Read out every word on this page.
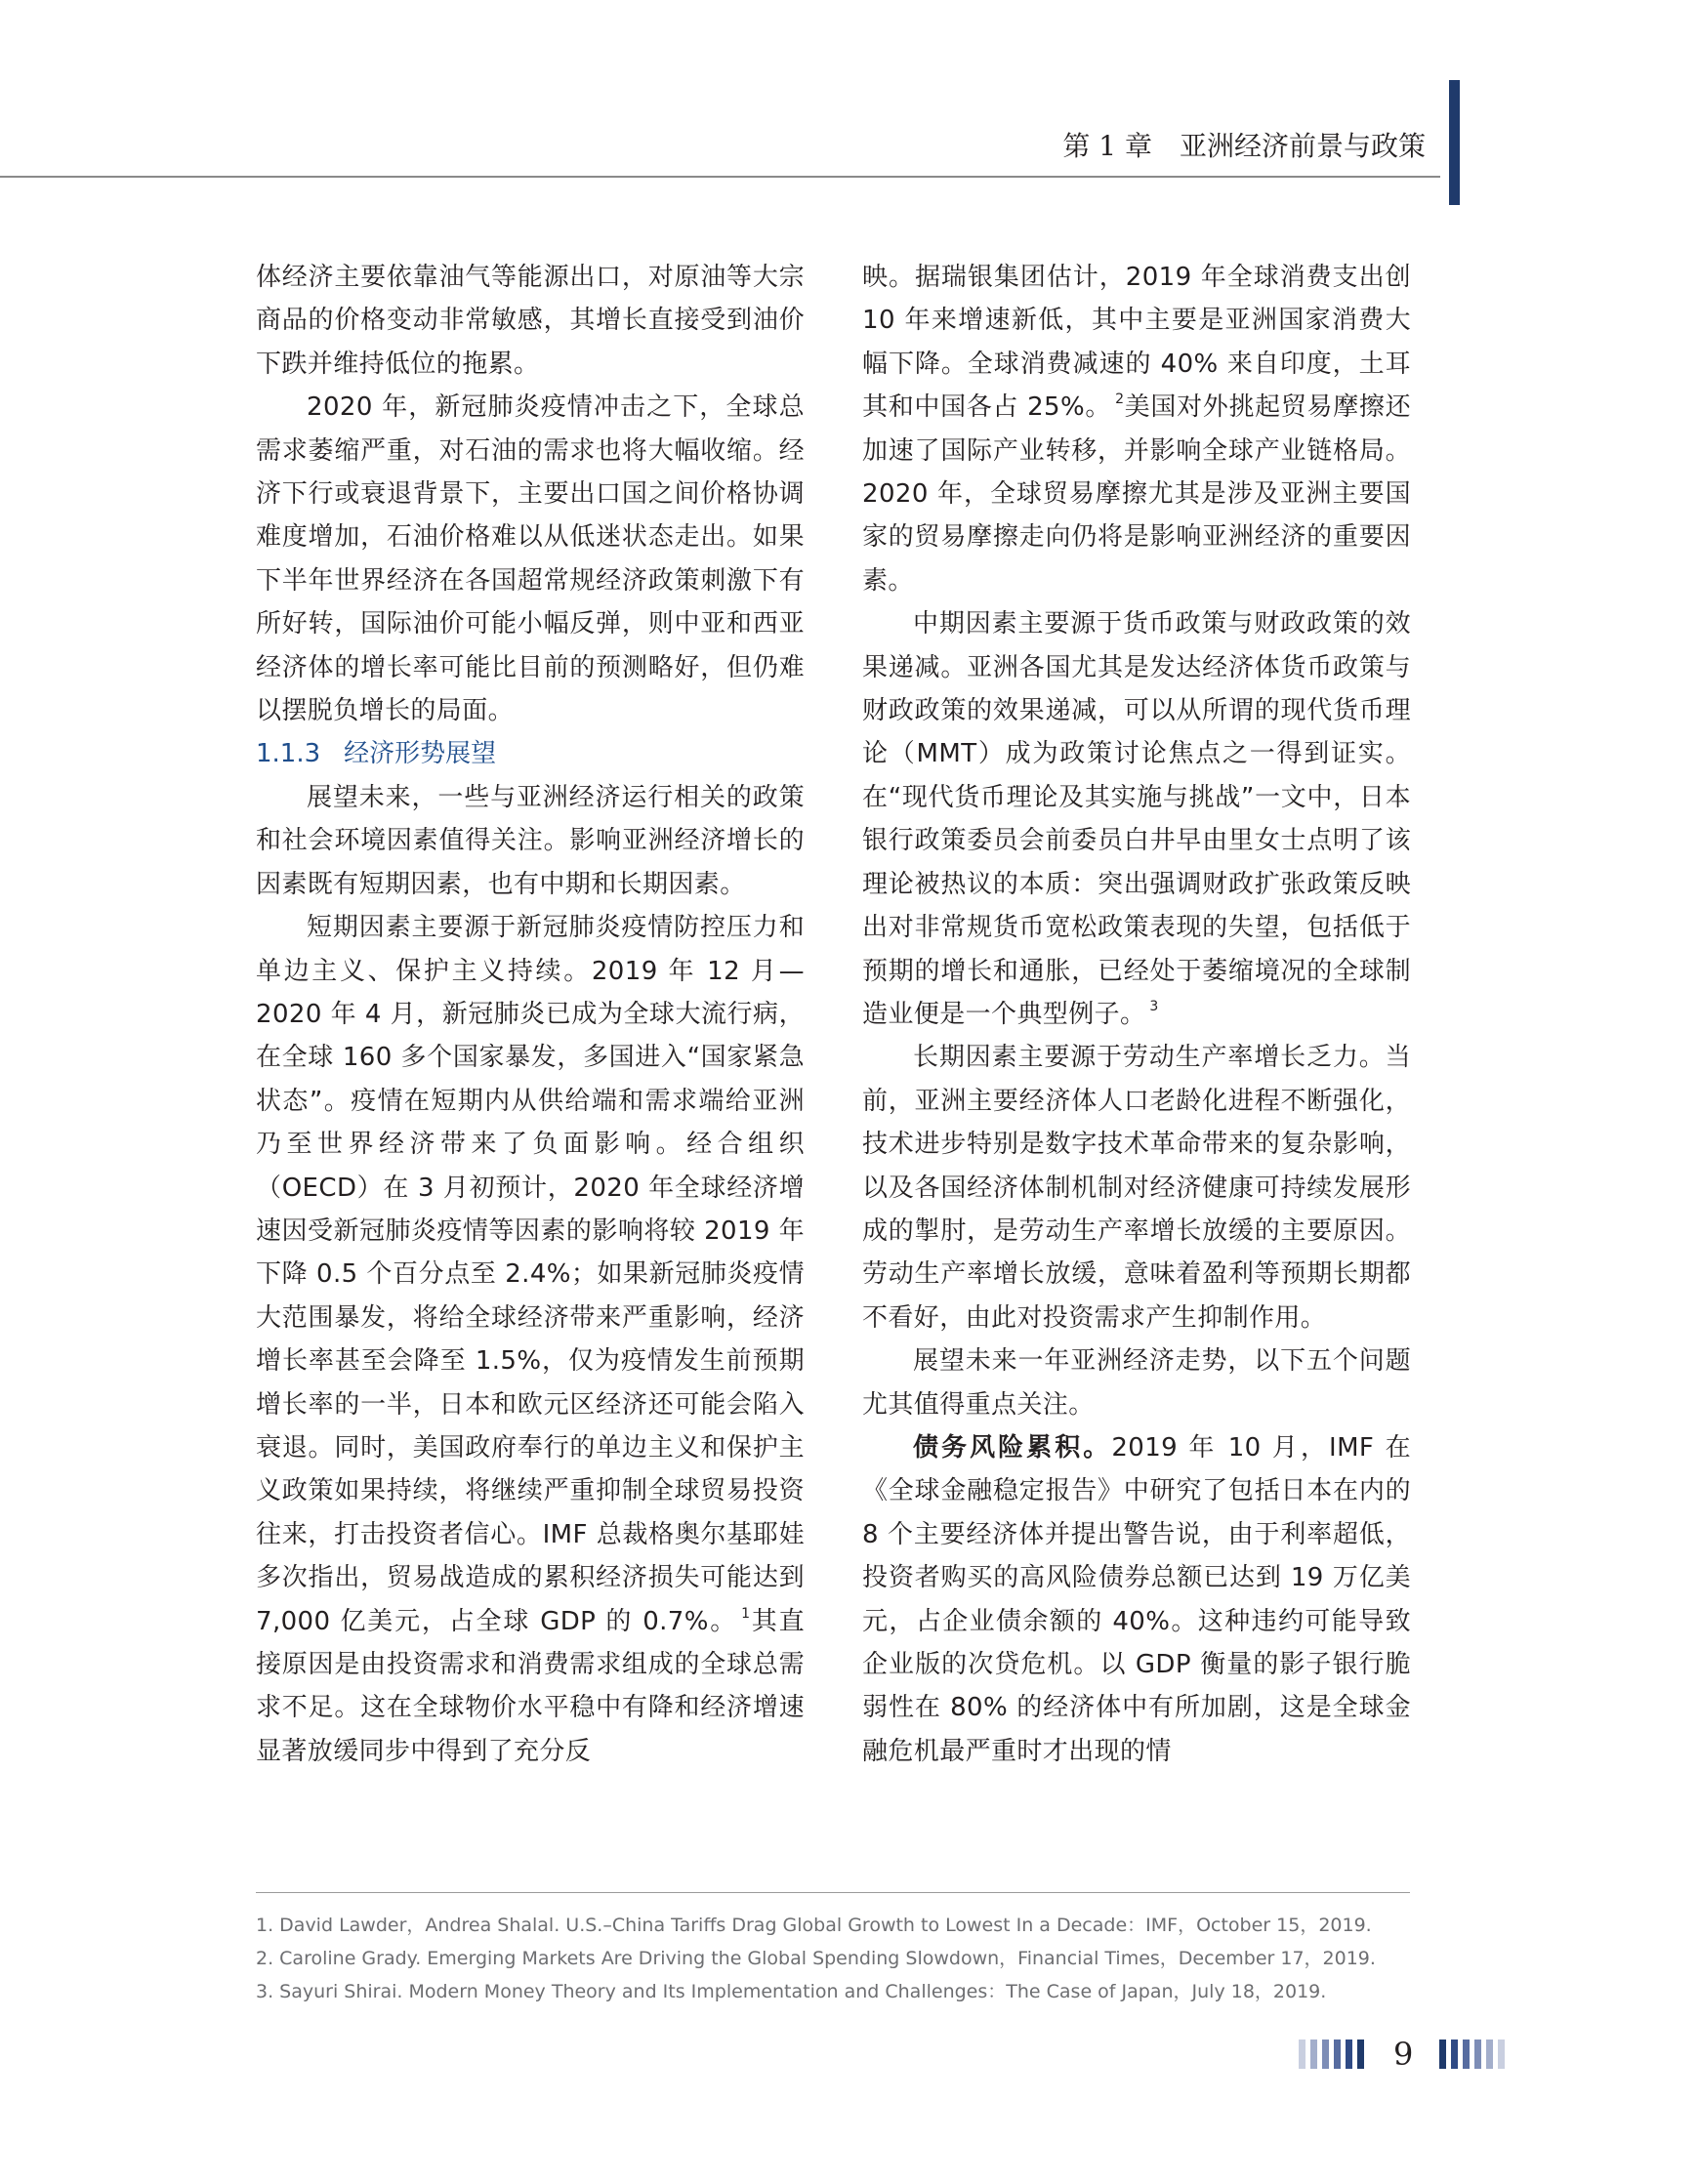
第 1 章　亚洲经济前景与政策

体经济主要依靠油气等能源出口，对原油等大宗商品的价格变动非常敏感，其增长直接受到油价下跌并维持低位的拖累。

2020 年，新冠肺炎疫情冲击之下，全球总需求萎缩严重，对石油的需求也将大幅收缩。经济下行或衰退背景下，主要出口国之间价格协调难度增加，石油价格难以从低迷状态走出。如果下半年世界经济在各国超常规经济政策刺激下有所好转，国际油价可能小幅反弹，则中亚和西亚经济体的增长率可能比目前的预测略好，但仍难以摆脱负增长的局面。

1.1.3 经济形势展望

展望未来，一些与亚洲经济运行相关的政策和社会环境因素值得关注。影响亚洲经济增长的因素既有短期因素，也有中期和长期因素。

短期因素主要源于新冠肺炎疫情防控压力和单边主义、保护主义持续。2019 年 12 月—2020 年 4 月，新冠肺炎已成为全球大流行病，在全球 160 多个国家暴发，多国进入“国家紧急状态”。疫情在短期内从供给端和需求端给亚洲乃至世界经济带来了负面影响。经合组织（OECD）在 3 月初预计，2020 年全球经济增速因受新冠肺炎疫情等因素的影响将较 2019 年下降 0.5 个百分点至 2.4%；如果新冠肺炎疫情大范围暴发，将给全球经济带来严重影响，经济增长率甚至会降至 1.5%，仅为疫情发生前预期增长率的一半，日本和欧元区经济还可能会陷入衰退。同时，美国政府奉行的单边主义和保护主义政策如果持续，将继续严重抑制全球贸易投资往来，打击投资者信心。IMF 总裁格奥尔基耶娃多次指出，贸易战造成的累积经济损失可能达到 7,000 亿美元，占全球 GDP 的 0.7%。 $^1$其直接原因是由投资需求和消费需求组成的全球总需求不足。这在全球物价水平稳中有降和经济增速显著放缓同步中得到了充分反

映。据瑞银集团估计，2019 年全球消费支出创 10 年来增速新低，其中主要是亚洲国家消费大幅下降。全球消费减速的 40% 来自印度，土耳其和中国各占 25%。 $^2$美国对外挑起贸易摩擦还加速了国际产业转移，并影响全球产业链格局。2020 年，全球贸易摩擦尤其是涉及亚洲主要国家的贸易摩擦走向仍将是影响亚洲经济的重要因素。

中期因素主要源于货币政策与财政政策的效果递减。亚洲各国尤其是发达经济体货币政策与财政政策的效果递减，可以从所谓的现代货币理论（MMT）成为政策讨论焦点之一得到证实。在“现代货币理论及其实施与挑战”一文中，日本银行政策委员会前委员白井早由里女士点明了该理论被热议的本质：突出强调财政扩张政策反映出对非常规货币宽松政策表现的失望，包括低于预期的增长和通胀，已经处于萎缩境况的全球制造业便是一个典型例子。 $^3$

长期因素主要源于劳动生产率增长乏力。当前，亚洲主要经济体人口老龄化进程不断强化，技术进步特别是数字技术革命带来的复杂影响，以及各国经济体制机制对经济健康可持续发展形成的掣肘，是劳动生产率增长放缓的主要原因。劳动生产率增长放缓，意味着盈利等预期长期都不看好，由此对投资需求产生抑制作用。

展望未来一年亚洲经济走势，以下五个问题尤其值得重点关注。

债务风险累积。2019 年 10 月，IMF 在《全球金融稳定报告》中研究了包括日本在内的 8 个主要经济体并提出警告说，由于利率超低，投资者购买的高风险债券总额已达到 19 万亿美元，占企业债余额的 40%。这种违约可能导致企业版的次贷危机。以 GDP 衡量的影子银行脆弱性在 80% 的经济体中有所加剧，这是全球金融危机最严重时才出现的情

1. David Lawder，Andrea Shalal. U.S.–China Tariffs Drag Global Growth to Lowest In a Decade：IMF，October 15，2019.

2. Caroline Grady. Emerging Markets Are Driving the Global Spending Slowdown，Financial Times，December 17，2019.

3. Sayuri Shirai. Modern Money Theory and Its Implementation and Challenges：The Case of Japan，July 18，2019.

9
